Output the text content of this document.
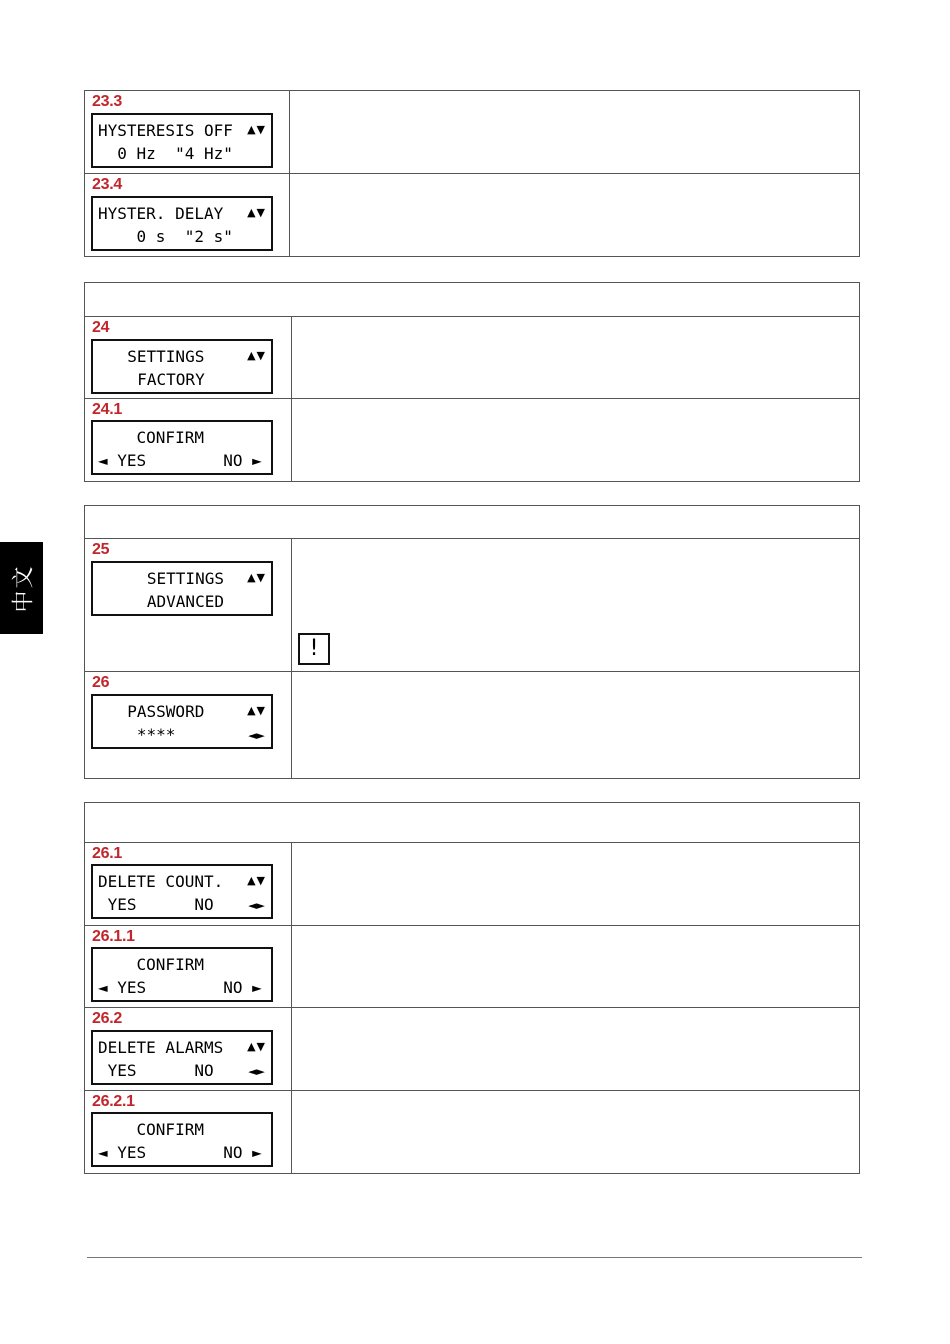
中文
23.3
HYSTERESIS OFF ▲▼
0 Hz  "4 Hz"
23.4
HYSTER. DELAY ▲▼
0 s  "2 s"
24
SETTINGS	▲▼
FACTORY
24.1
CONFIRM
◄ YES        NO ►
25
SETTINGS ▲▼
ADVANCED
!
26
PASSWORD	▲▼
****	◄►
26.1
DELETE COUNT. ▲▼
YES      NO	◄►
26.1.1
CONFIRM
◄ YES        NO ►
26.2
DELETE ALARMS ▲▼
YES      NO	◄►
26.2.1
CONFIRM
◄ YES        NO ►
